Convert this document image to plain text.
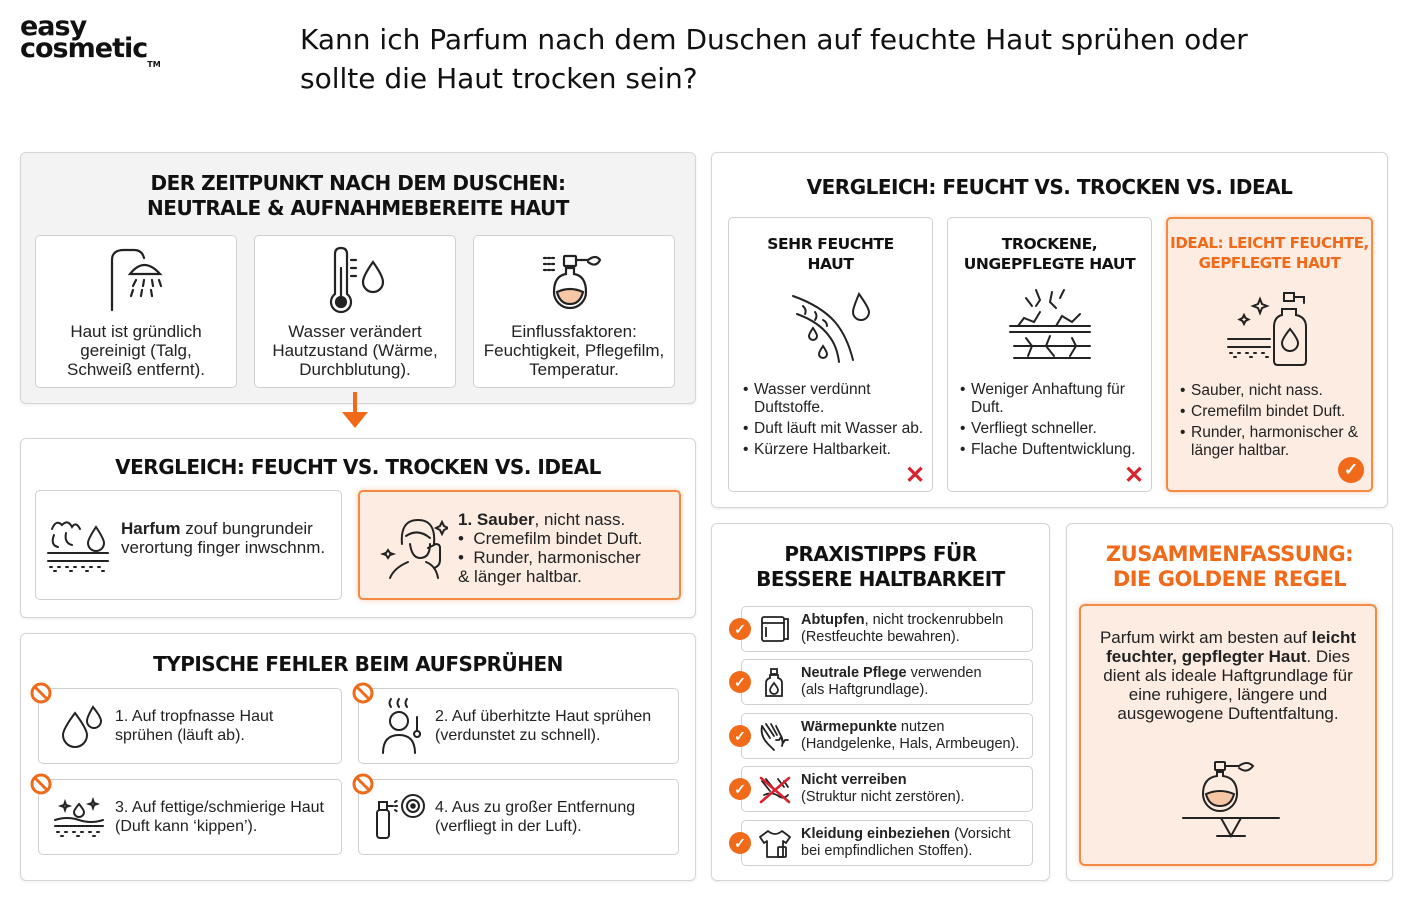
easy
cosmetic™
Kann ich Parfum nach dem Duschen auf feuchte Haut sprühen oder sollte die Haut trocken sein?
DER ZEITPUNKT NACH DEM DUSCHEN: NEUTRALE & AUFNAHMEBEREITE HAUT
Haut ist gründlich gereinigt (Talg, Schweiß entfernt).
Wasser verändert Hautzustand (Wärme, Durchblutung).
Einflussfaktoren: Feuchtigkeit, Pflegefilm, Temperatur.
VERGLEICH: FEUCHT VS. TROCKEN VS. IDEAL
Harfum zouf bungrundeir verortung finger inwschnm.
1. Sauber, nicht nass.
•  Cremefilm bindet Duft.
•  Runder, harmonischer
& länger haltbar.
TYPISCHE FEHLER BEIM AUFSPRÜHEN
1. Auf tropfnasse Haut sprühen (läuft ab).
2. Auf überhitzte Haut sprühen (verdunstet zu schnell).
3. Auf fettige/schmierige Haut (Duft kann ‘kippen’).
4. Aus zu großer Entfernung (verfliegt in der Luft).
VERGLEICH: FEUCHT VS. TROCKEN VS. IDEAL
SEHR FEUCHTE HAUT
• Wasser verdünnt Duftstoffe.
• Duft läuft mit Wasser ab.
• Kürzere Haltbarkeit.
✕
TROCKENE, UNGEPFLEGTE HAUT
• Weniger Anhaftung für Duft.
• Verfliegt schneller.
• Flache Duftentwicklung.
✕
IDEAL: LEICHT FEUCHTE, GEPFLEGTE HAUT
• Sauber, nicht nass.
• Cremefilm bindet Duft.
• Runder, harmonischer & länger haltbar.
✓
PRAXISTIPPS FÜR BESSERE HALTBARKEIT
Abtupfen, nicht trockenrubbeln
(Restfeuchte bewahren).
Neutrale Pflege verwenden
(als Haftgrundlage).
Wärmepunkte nutzen
(Handgelenke, Hals, Armbeugen).
Nicht verreiben
(Struktur nicht zerstören).
Kleidung einbeziehen (Vorsicht
bei empfindlichen Stoffen).
✓
✓
✓
✓
✓
ZUSAMMENFASSUNG: DIE GOLDENE REGEL
Parfum wirkt am besten auf leicht feuchter, gepflegter Haut. Dies dient als ideale Haftgrundlage für eine ruhigere, längere und ausgewogene Duftentfaltung.
